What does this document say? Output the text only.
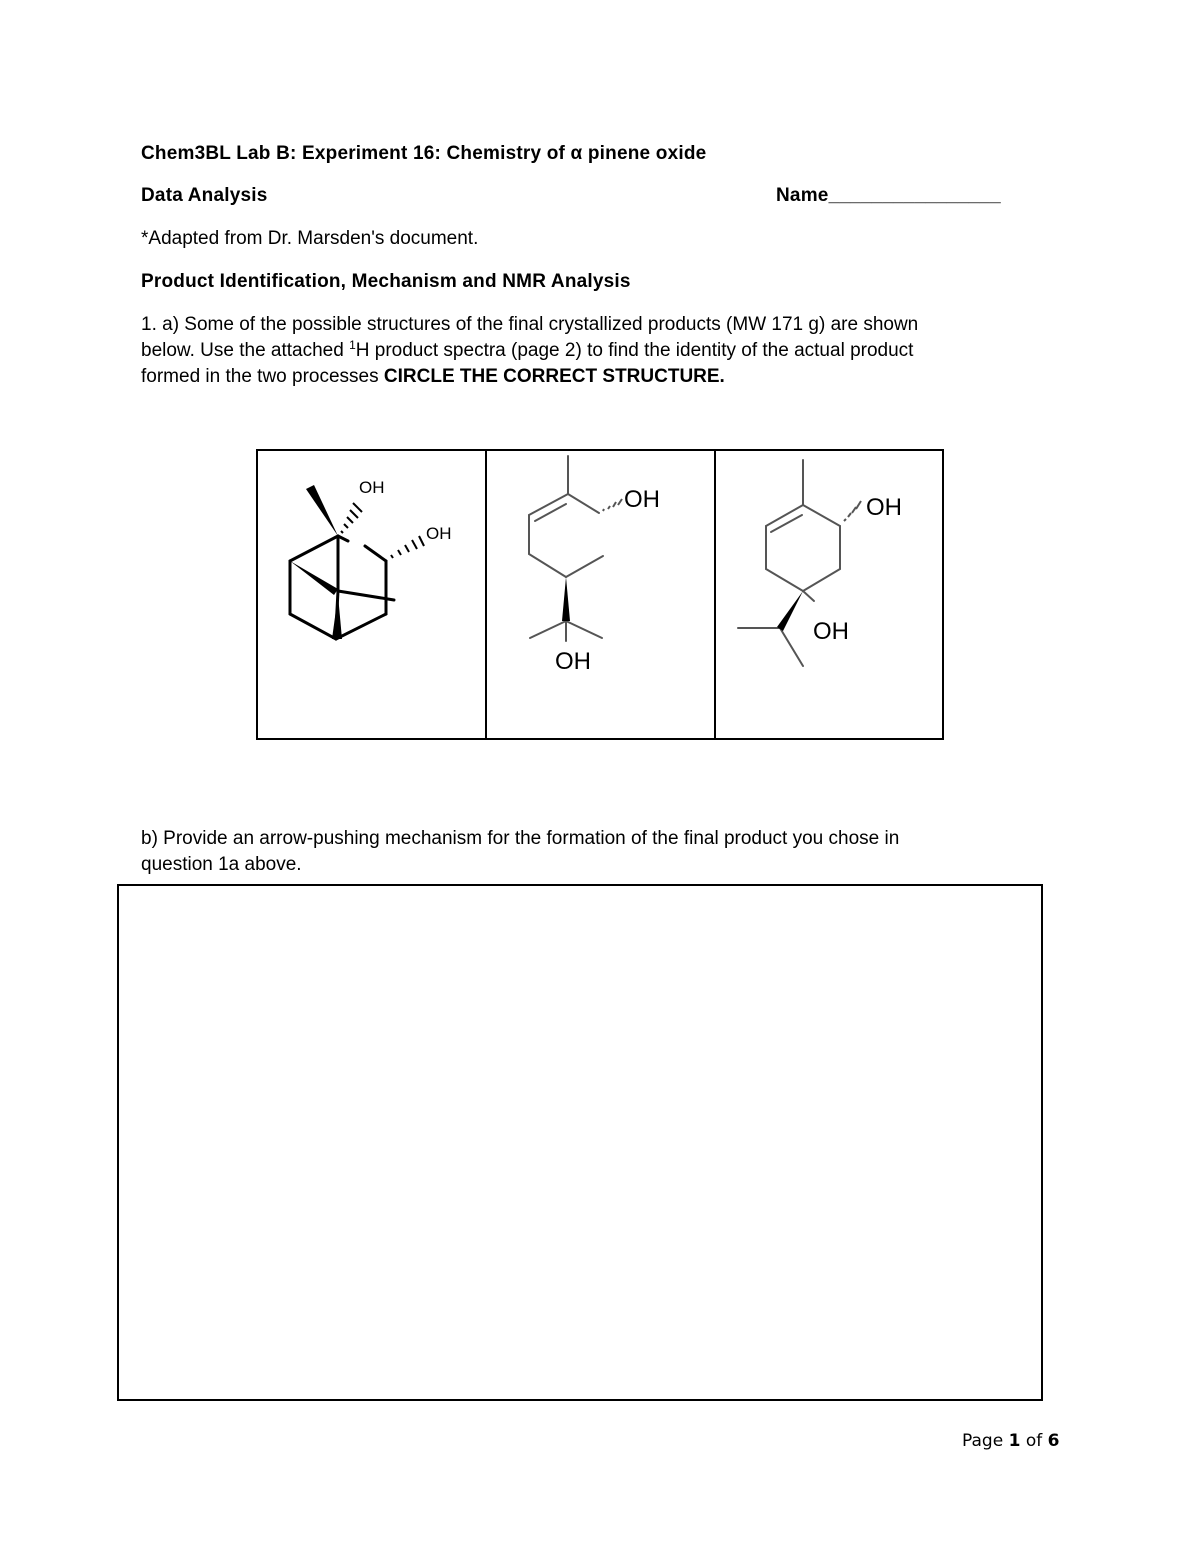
Chem3BL Lab B: Experiment 16: Chemistry of α pinene oxide
Data Analysis	Name________________
*Adapted from Dr. Marsden's document.
Product Identification, Mechanism and NMR Analysis
1. a) Some of the possible structures of the final crystallized products (MW 171 g) are shown
below. Use the attached $^1$H product spectra (page 2) to find the identity of the actual product
formed in the two processes CIRCLE THE CORRECT STRUCTURE.
OH
OH
OH
OH
OH
OH
b) Provide an arrow-pushing mechanism for the formation of the final product you chose in
question 1a above.
Page 1 of 6
